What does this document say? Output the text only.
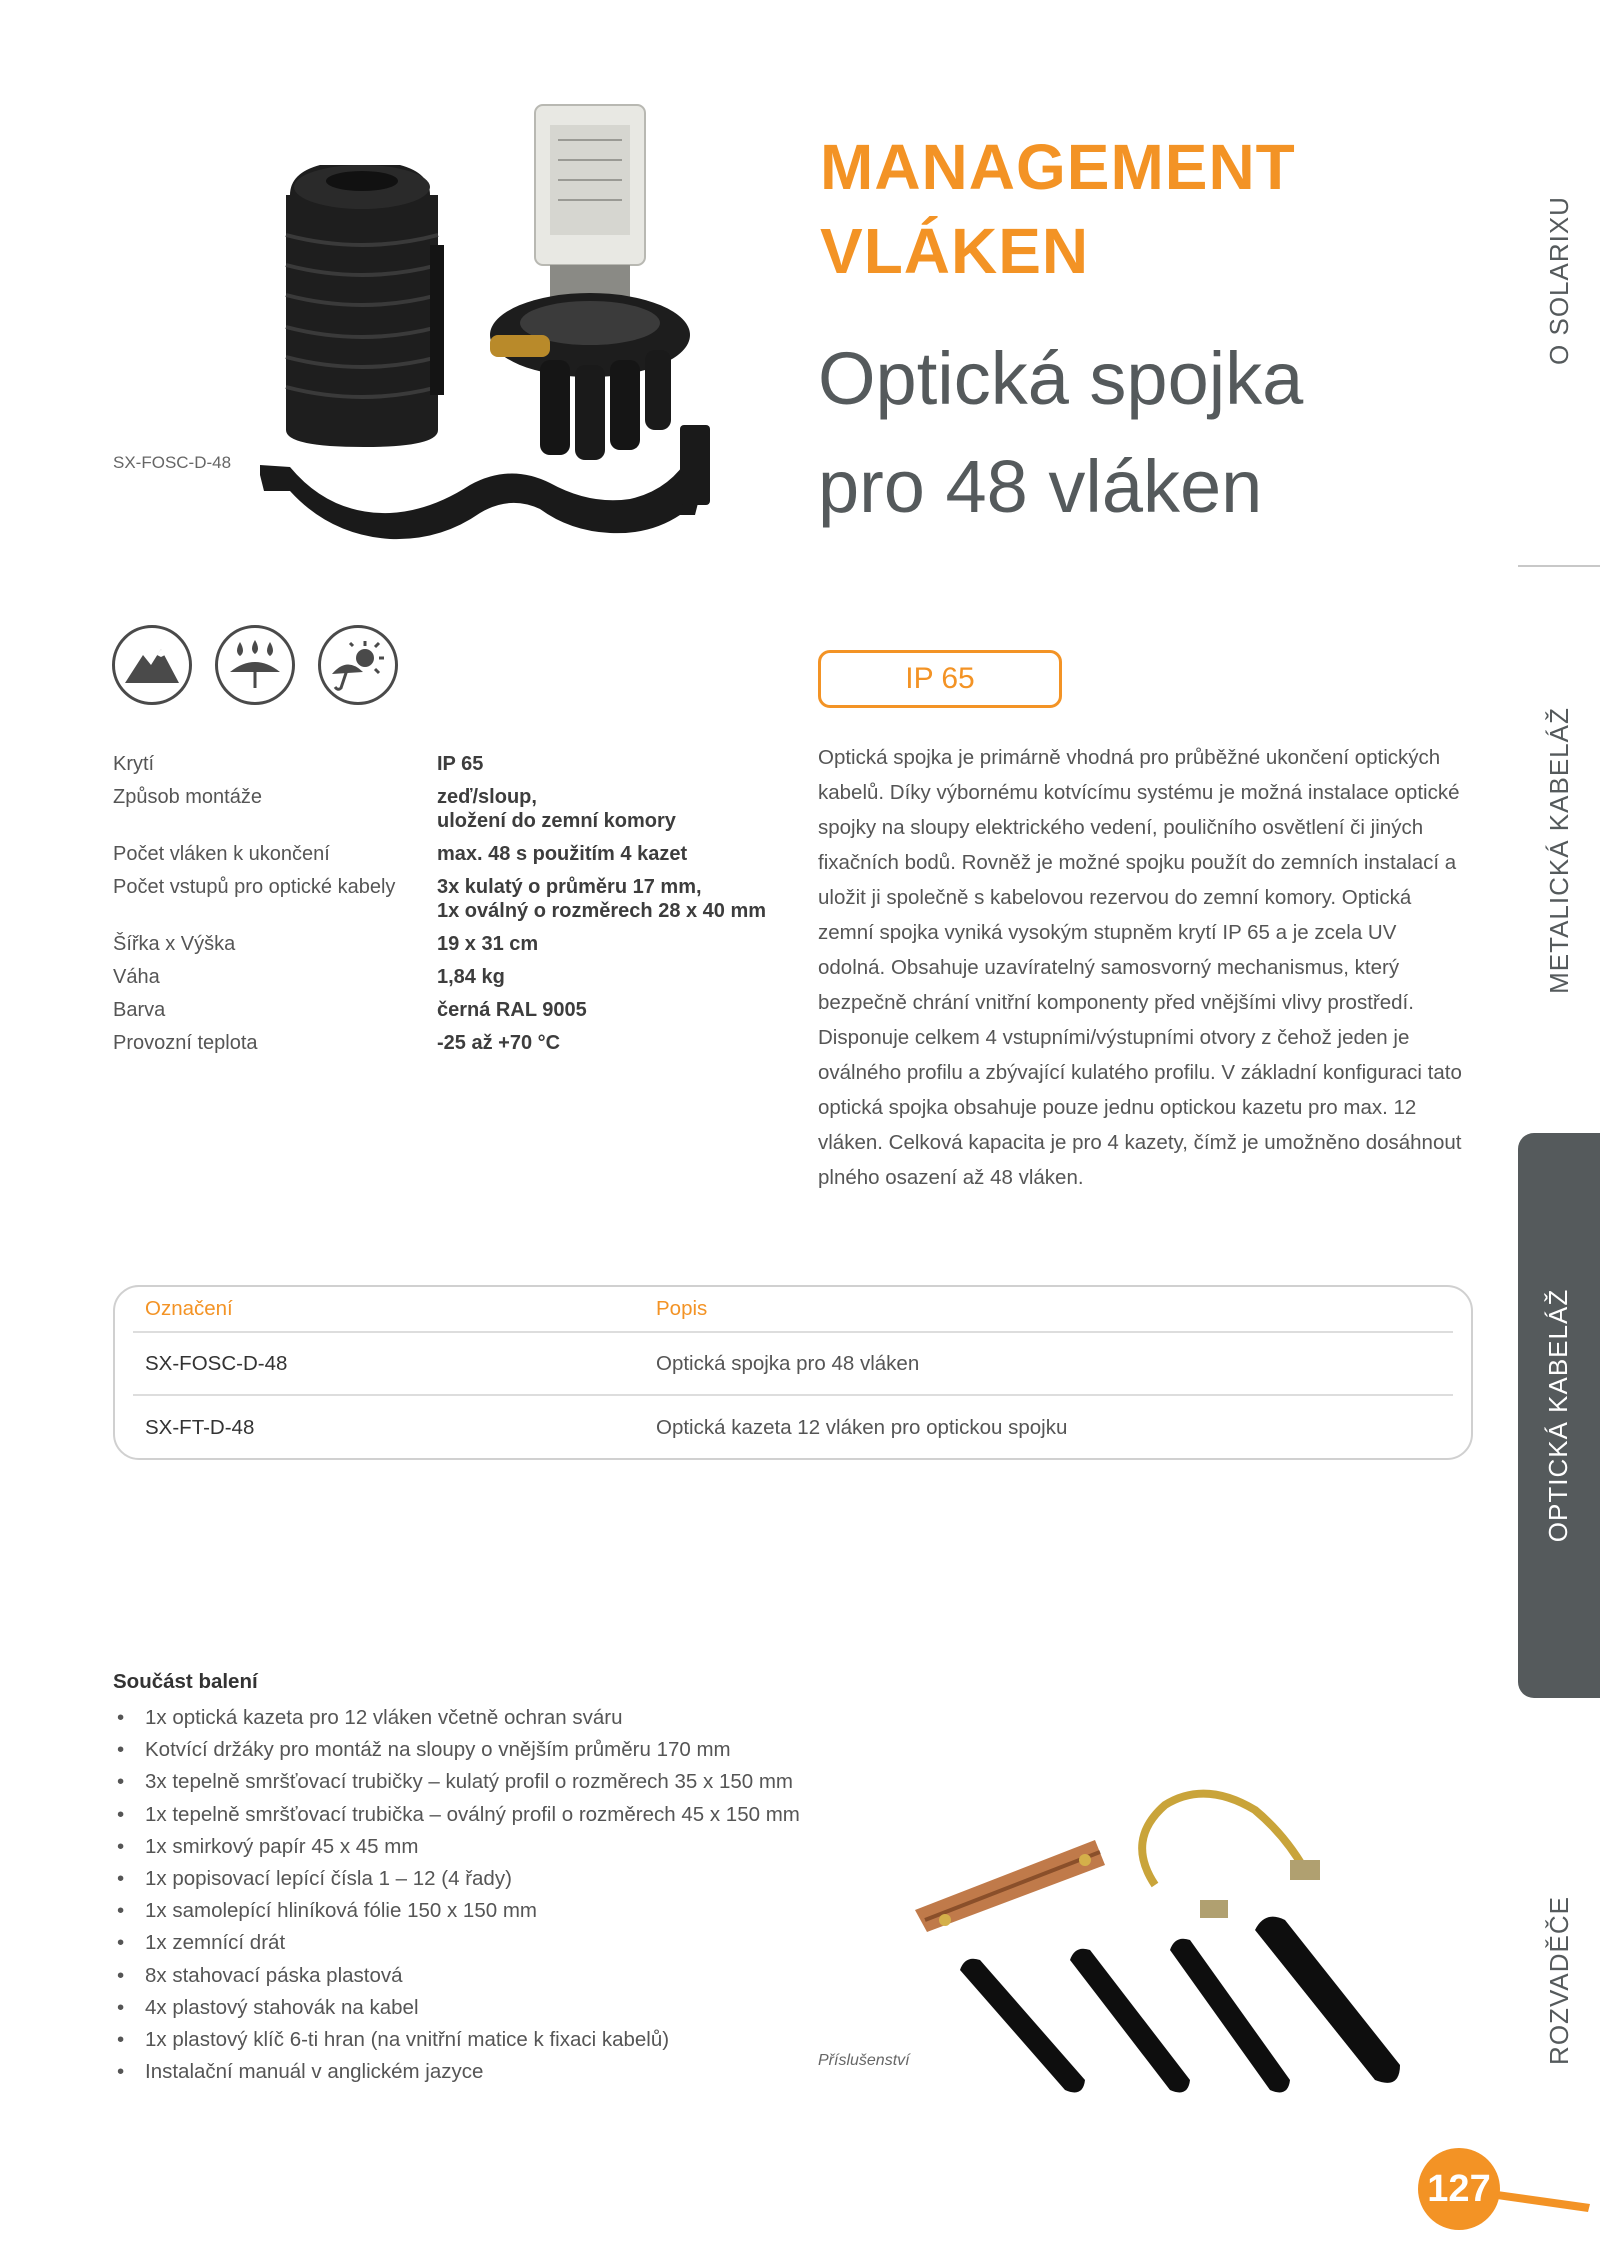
SX-FOSC-D-48
MANAGEMENT
VLÁKEN
Optická spojka
pro 48 vláken
O SOLARIXU
METALICKÁ KABELÁŽ
OPTICKÁ KABELÁŽ
ROZVADĚČE
Krytí	IP 65
Způsob montáže	zeď/sloup,
uložení do zemní komory
Počet vláken k ukončení	max. 48 s použitím 4 kazet
Počet vstupů pro optické kabely	3x kulatý o průměru 17 mm,
1x oválný o rozměrech 28 x 40 mm
Šířka x Výška	19 x 31 cm
Váha	1,84 kg
Barva	černá RAL 9005
Provozní teplota	-25 až +70 °C
IP 65
Optická spojka je primárně vhodná pro průběžné ukončení optických kabelů. Díky výbornému kotvícímu systému je možná instalace optické spojky na sloupy elektrického vedení, pouličního osvětlení či jiných fixačních bodů. Rovněž je možné spojku použít do zemních instalací a uložit ji společně s kabelovou rezervou do zemní komory. Optická zemní spojka vyniká vysokým stupněm krytí IP 65 a je zcela UV odolná. Obsahuje uzavíratelný samosvorný mechanismus, který bezpečně chrání vnitřní komponenty před vnějšími vlivy prostředí. Disponuje celkem 4 vstupními/výstupními otvory z čehož jeden je oválného profilu a zbývající kulatého profilu. V základní konfiguraci tato optická spojka obsahuje pouze jednu optickou kazetu pro max. 12 vláken. Celková kapacita je pro 4 kazety, čímž je umožněno dosáhnout plného osazení až 48 vláken.
Označení	Popis
SX-FOSC-D-48	Optická spojka pro 48 vláken
SX-FT-D-48	Optická kazeta 12 vláken pro optickou spojku
Součást balení
•	1x optická kazeta pro 12 vláken včetně ochran sváru
•	Kotvící držáky pro montáž na sloupy o vnějším průměru 170 mm
•	3x tepelně smršťovací trubičky – kulatý profil o rozměrech 35 x 150 mm
•	1x tepelně smršťovací trubička – oválný profil o rozměrech 45 x 150 mm
•	1x smirkový papír 45 x 45 mm
•	1x popisovací lepící čísla 1 – 12 (4 řady)
•	1x samolepící hliníková fólie 150 x 150 mm
•	1x zemnící drát
•	8x stahovací páska plastová
•	4x plastový stahovák na kabel
•	1x plastový klíč 6-ti hran (na vnitřní matice k fixaci kabelů)
•	Instalační manuál v anglickém jazyce	Příslušenství
127
